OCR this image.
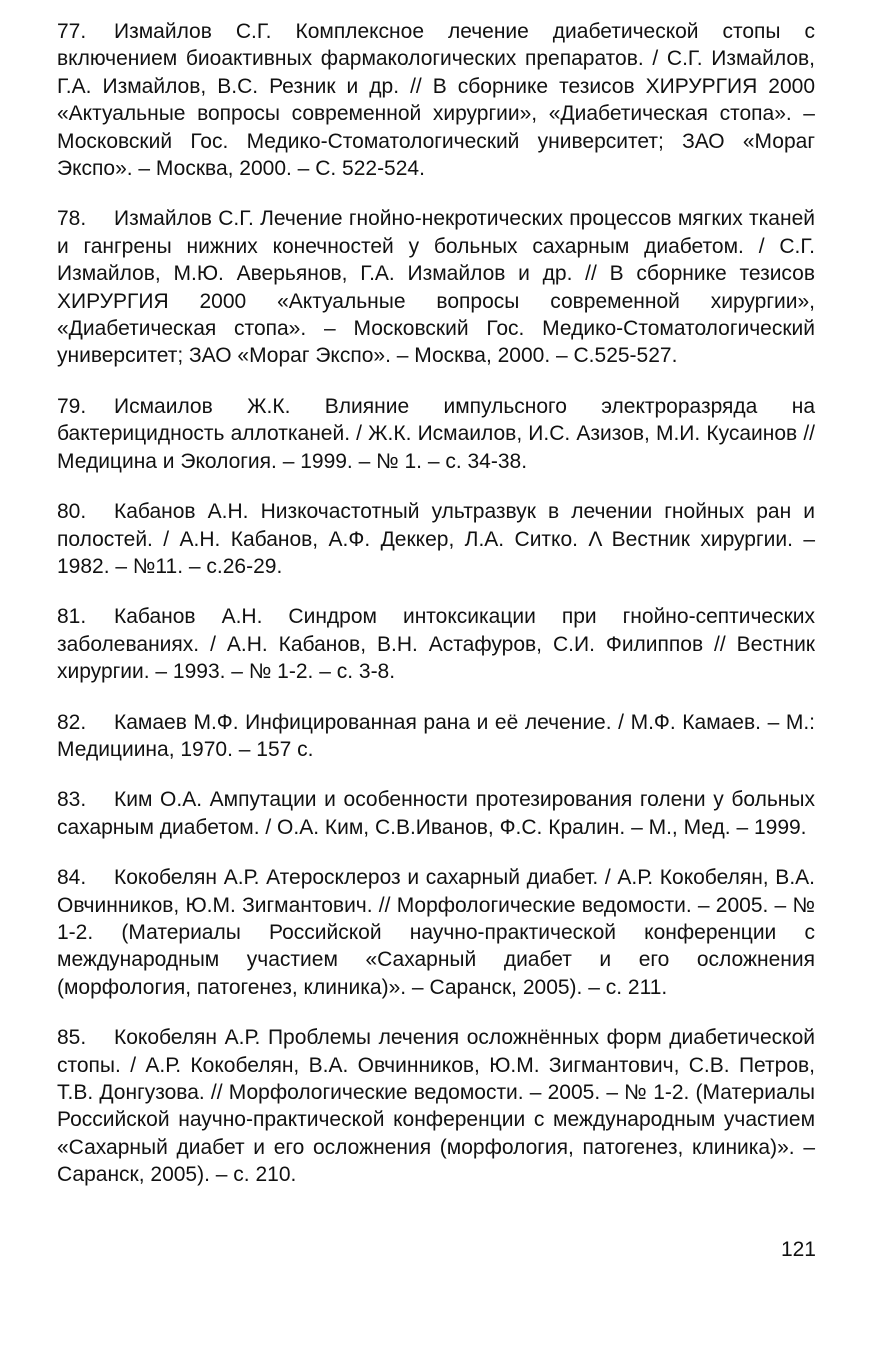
77. Измайлов С.Г. Комплексное лечение диабетической стопы с включением биоактивных фармакологических препаратов. / С.Г. Измайлов, Г.А. Измайлов, В.С. Резник и др. // В сборнике тезисов ХИРУРГИЯ 2000 «Актуальные вопросы современной хирургии», «Диабетическая стопа». – Московский Гос. Медико-Стоматологический университет; ЗАО «Мораг Экспо». – Москва, 2000. – С. 522-524.

78. Измайлов С.Г. Лечение гнойно-некротических процессов мягких тканей и гангрены нижних конечностей у больных сахарным диабетом. / С.Г. Измайлов, М.Ю. Аверьянов, Г.А. Измайлов и др. // В сборнике тезисов ХИРУРГИЯ 2000 «Актуальные вопросы современной хирургии», «Диабетическая стопа». – Московский Гос. Медико-Стоматологический университет; ЗАО «Мораг Экспо». – Москва, 2000. – С.525-527.

79. Исмаилов Ж.К. Влияние импульсного электроразряда на бактерицидность аллотканей. / Ж.К. Исмаилов, И.С. Азизов, М.И. Кусаинов // Медицина и Экология. – 1999. – № 1. – с. 34-38.

80. Кабанов А.Н. Низкочастотный ультразвук в лечении гнойных ран и полостей. / А.Н. Кабанов, А.Ф. Деккер, Л.А. Ситко. Λ Вестник хирургии. – 1982. – №11. – с.26-29.

81. Кабанов А.Н. Синдром интоксикации при гнойно-септических заболеваниях. / А.Н. Кабанов, В.Н. Астафуров, С.И. Филиппов // Вестник хирургии. – 1993. – № 1-2. – с. 3-8.

82. Камаев М.Ф. Инфицированная рана и её лечение. / М.Ф. Камаев. – М.: Медициина, 1970. – 157 с.

83. Ким О.А. Ампутации и особенности протезирования голени у больных сахарным диабетом. / О.А. Ким, С.В.Иванов, Ф.С. Кралин. – М., Мед. – 1999.

84. Кокобелян А.Р. Атеросклероз и сахарный диабет. / А.Р. Кокобелян, В.А. Овчинников, Ю.М. Зигмантович. // Морфологические ведомости. – 2005. – № 1-2. (Материалы Российской научно-практической конференции с международным участием «Сахарный диабет и его осложнения (морфология, патогенез, клиника)». – Саранск, 2005). – с. 211.

85. Кокобелян А.Р. Проблемы лечения осложнённых форм диабетической стопы. / А.Р. Кокобелян, В.А. Овчинников, Ю.М. Зигмантович, С.В. Петров, Т.В. Донгузова. // Морфологические ведомости. – 2005. – № 1-2. (Материалы Российской научно-практической конференции с международным участием «Сахарный диабет и его осложнения (морфология, патогенез, клиника)». – Саранск, 2005). – с. 210.

121
